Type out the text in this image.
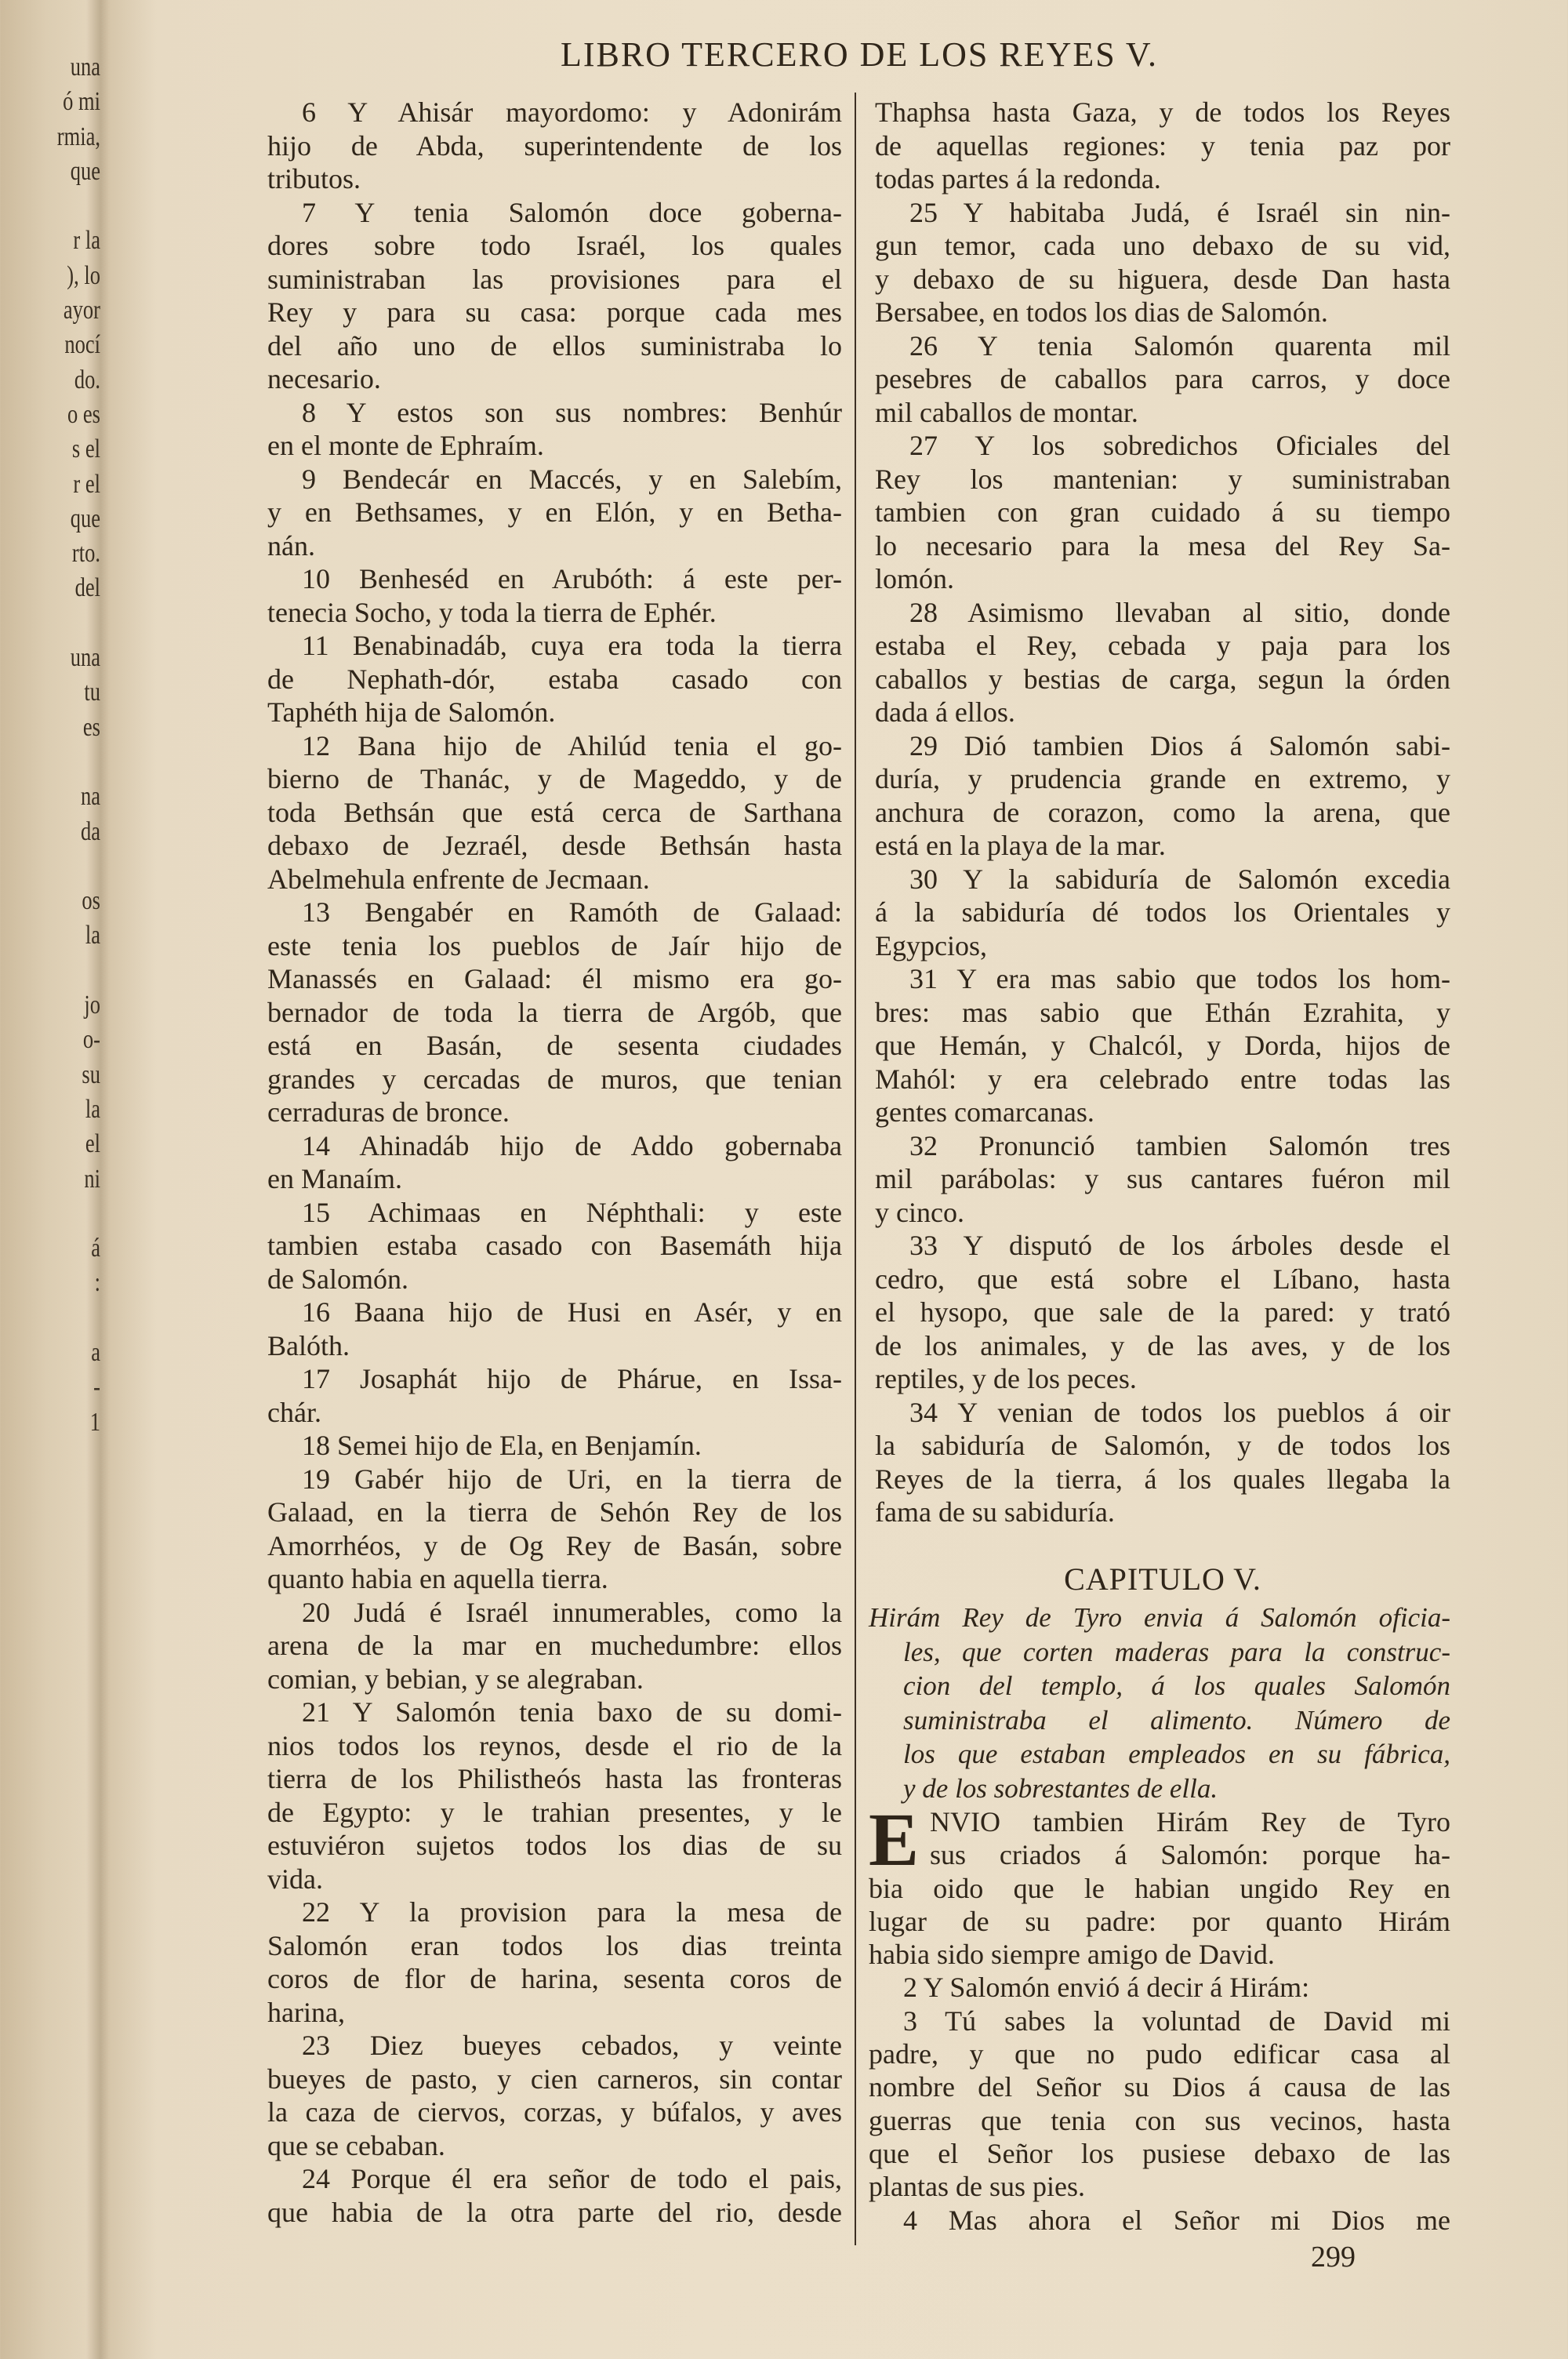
una
ó mi
rmia,
que
r la
), lo
ayor
nocí
do.
o es
s el
r el
que
rto.
del
una
tu
es
na
da
os
la
jo
o-
su
la
el
ni
á
:
a
-
1
LIBRO TERCERO DE LOS REYES V.
6 Y Ahisár mayordomo: y Adonirám
hijo de Abda, superintendente de los
tributos.
7 Y tenia Salomón doce goberna-
dores sobre todo Israél, los quales
suministraban las provisiones para el
Rey y para su casa: porque cada mes
del año uno de ellos suministraba lo
necesario.
8 Y estos son sus nombres: Benhúr
en el monte de Ephraím.
9 Bendecár en Maccés, y en Salebím,
y en Bethsames, y en Elón, y en Betha-
nán.
10 Benheséd en Arubóth: á este per-
tenecia Socho, y toda la tierra de Ephér.
11 Benabinadáb, cuya era toda la tierra
de Nephath-dór, estaba casado con
Taphéth hija de Salomón.
12 Bana hijo de Ahilúd tenia el go-
bierno de Thanác, y de Mageddo, y de
toda Bethsán que está cerca de Sarthana
debaxo de Jezraél, desde Bethsán hasta
Abelmehula enfrente de Jecmaan.
13 Bengabér en Ramóth de Galaad:
este tenia los pueblos de Jaír hijo de
Manassés en Galaad: él mismo era go-
bernador de toda la tierra de Argób, que
está en Basán, de sesenta ciudades
grandes y cercadas de muros, que tenian
cerraduras de bronce.
14 Ahinadáb hijo de Addo gobernaba
en Manaím.
15 Achimaas en Néphthali: y este
tambien estaba casado con Basemáth hija
de Salomón.
16 Baana hijo de Husi en Asér, y en
Balóth.
17 Josaphát hijo de Phárue, en Issa-
chár.
18 Semei hijo de Ela, en Benjamín.
19 Gabér hijo de Uri, en la tierra de
Galaad, en la tierra de Sehón Rey de los
Amorrhéos, y de Og Rey de Basán, sobre
quanto habia en aquella tierra.
20 Judá é Israél innumerables, como la
arena de la mar en muchedumbre: ellos
comian, y bebian, y se alegraban.
21 Y Salomón tenia baxo de su domi-
nios todos los reynos, desde el rio de la
tierra de los Philistheós hasta las fronteras
de Egypto: y le trahian presentes, y le
estuviéron sujetos todos los dias de su
vida.
22 Y la provision para la mesa de
Salomón eran todos los dias treinta
coros de flor de harina, sesenta coros de
harina,
23 Diez bueyes cebados, y veinte
bueyes de pasto, y cien carneros, sin contar
la caza de ciervos, corzas, y búfalos, y aves
que se cebaban.
24 Porque él era señor de todo el pais,
que habia de la otra parte del rio, desde
Thaphsa hasta Gaza, y de todos los Reyes
de aquellas regiones: y tenia paz por
todas partes á la redonda.
25 Y habitaba Judá, é Israél sin nin-
gun temor, cada uno debaxo de su vid,
y debaxo de su higuera, desde Dan hasta
Bersabee, en todos los dias de Salomón.
26 Y tenia Salomón quarenta mil
pesebres de caballos para carros, y doce
mil caballos de montar.
27 Y los sobredichos Oficiales del
Rey los mantenian: y suministraban
tambien con gran cuidado á su tiempo
lo necesario para la mesa del Rey Sa-
lomón.
28 Asimismo llevaban al sitio, donde
estaba el Rey, cebada y paja para los
caballos y bestias de carga, segun la órden
dada á ellos.
29 Dió tambien Dios á Salomón sabi-
duría, y prudencia grande en extremo, y
anchura de corazon, como la arena, que
está en la playa de la mar.
30 Y la sabiduría de Salomón excedia
á la sabiduría dé todos los Orientales y
Egypcios,
31 Y era mas sabio que todos los hom-
bres: mas sabio que Ethán Ezrahita, y
que Hemán, y Chalcól, y Dorda, hijos de
Mahól: y era celebrado entre todas las
gentes comarcanas.
32 Pronunció tambien Salomón tres
mil parábolas: y sus cantares fuéron mil
y cinco.
33 Y disputó de los árboles desde el
cedro, que está sobre el Líbano, hasta
el hysopo, que sale de la pared: y trató
de los animales, y de las aves, y de los
reptiles, y de los peces.
34 Y venian de todos los pueblos á oir
la sabiduría de Salomón, y de todos los
Reyes de la tierra, á los quales llegaba la
fama de su sabiduría.
CAPITULO V.
Hirám Rey de Tyro envia á Salomón oficia-
les, que corten maderas para la construc-
cion del templo, á los quales Salomón
suministraba el alimento. Número de
los que estaban empleados en su fábrica,
y de los sobrestantes de ella.
E NVIO tambien Hirám Rey de Tyro
sus criados á Salomón: porque ha-
bia oido que le habian ungido Rey en
lugar de su padre: por quanto Hirám
habia sido siempre amigo de David.
2 Y Salomón envió á decir á Hirám:
3 Tú sabes la voluntad de David mi
padre, y que no pudo edificar casa al
nombre del Señor su Dios á causa de las
guerras que tenia con sus vecinos, hasta
que el Señor los pusiese debaxo de las
plantas de sus pies.
4 Mas ahora el Señor mi Dios me
299
